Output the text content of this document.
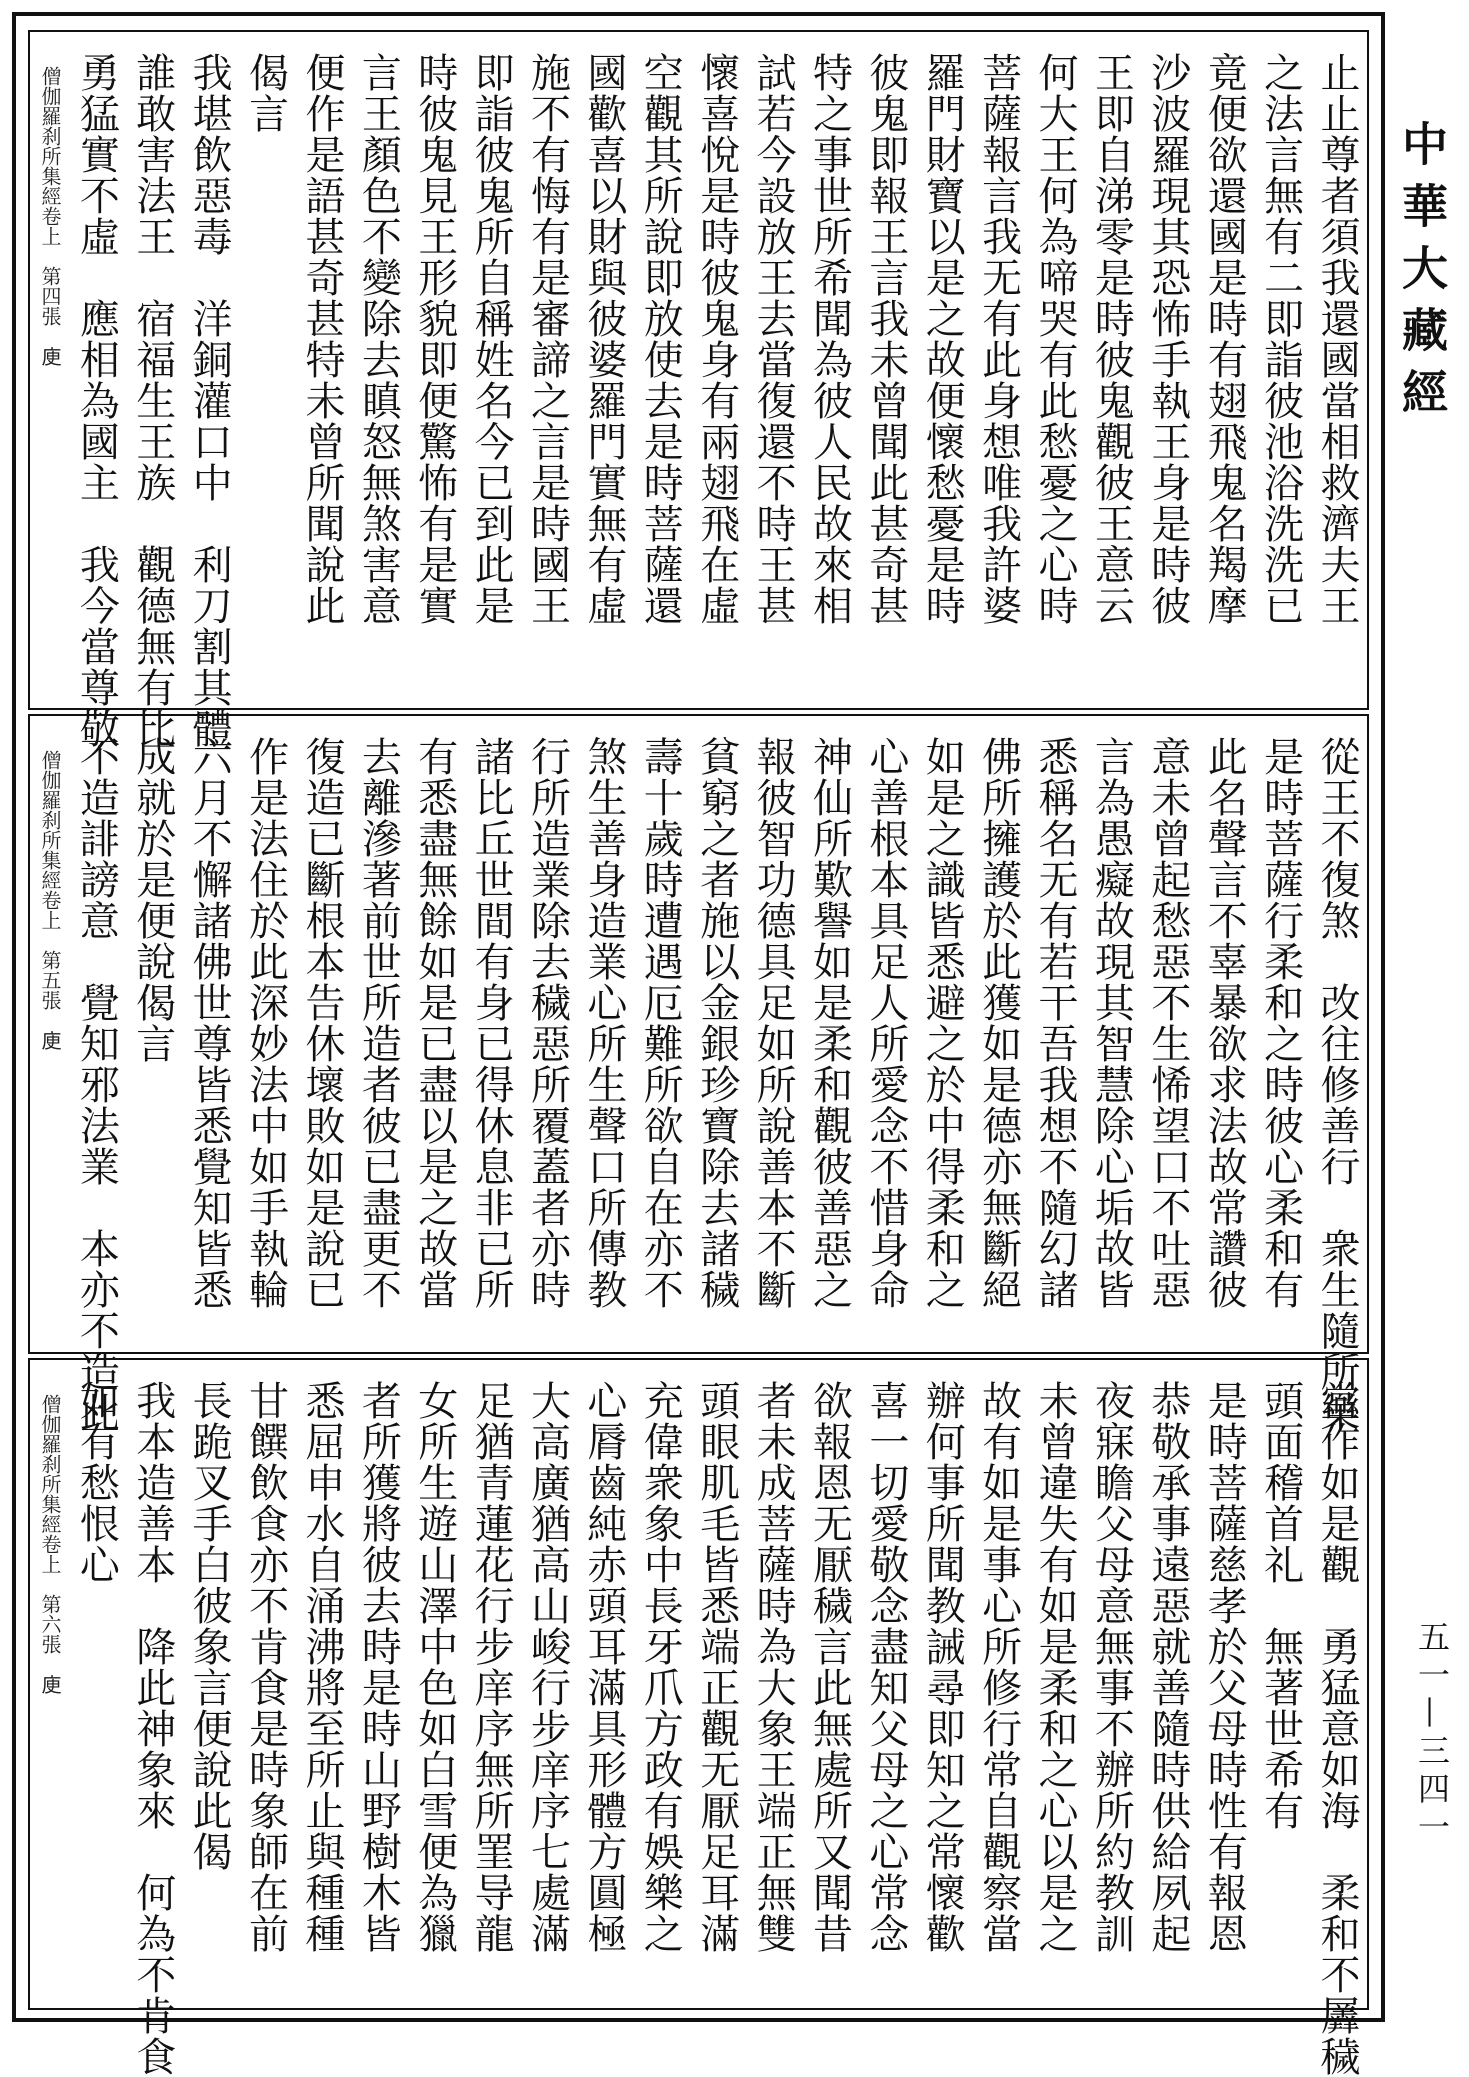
止止尊者須我還國當相救濟夫王
之法言無有二即詣彼池浴洗洗已
竟便欲還國是時有翅飛鬼名羯摩
沙波羅現其恐怖手執王身是時彼
王即自涕零是時彼鬼觀彼王意云
何大王何為啼哭有此愁憂之心時
菩薩報言我无有此身想唯我許婆
羅門財寶以是之故便懷愁憂是時
彼鬼即報王言我未曾聞此甚奇甚
特之事世所希聞為彼人民故來相
試若今設放王去當復還不時王甚
懷喜悅是時彼鬼身有兩翅飛在虛
空觀其所說即放使去是時菩薩還
國歡喜以財與彼婆羅門實無有虛
施不有悔有是審諦之言是時國王
即詣彼鬼所自稱姓名今已到此是
時彼鬼見王形貌即便驚怖有是實
言王顏色不變除去瞋怒無煞害意
便作是語甚奇甚特未曾所聞說此
偈言
我堪飲惡毒　洋銅灌口中　利刀割其體
誰敢害法王　宿福生王族　觀德無有比
勇猛實不虛　應相為國主　我今當尊敬
僧伽羅刹所集經卷上　第四張　𢈔
從王不復煞　改往修善行　衆生隨所樂
是時菩薩行柔和之時彼心柔和有
此名聲言不辜暴欲求法故常讚彼
意未曾起愁惡不生悕望口不吐惡
言為愚癡故現其智慧除心垢故皆
悉稱名无有若干吾我想不隨幻諸
佛所擁護於此獲如是德亦無斷絕
如是之識皆悉避之於中得柔和之
心善根本具足人所愛念不惜身命
神仙所歎譽如是柔和觀彼善惡之
報彼智功德具足如所說善本不斷
貧窮之者施以金銀珍寶除去諸穢
壽十歲時遭遇厄難所欲自在亦不
煞生善身造業心所生聲口所傳教
行所造業除去穢惡所覆蓋者亦時
諸比丘世間有身已得休息非已所
有悉盡無餘如是已盡以是之故當
去離滲著前世所造者彼已盡更不
復造已斷根本告休壞敗如是說已
作是法住於此深妙法中如手執輪
六月不懈諸佛世尊皆悉覺知皆悉
成就於是便說偈言
不造誹謗意　覺知邪法業　本亦不造此
僧伽羅刹所集經卷上　第五張　𢈔
當作如是觀　勇猛意如海　柔和不羼穢
頭面稽首礼　無著世希有
是時菩薩慈孝於父母時性有報恩
恭敬承事遠惡就善隨時供給夙起
夜寐瞻父母意無事不辦所約教訓
未曾違失有如是柔和之心以是之
故有如是事心所修行常自觀察當
辦何事所聞教誡尋即知之常懷歡
喜一切愛敬念盡知父母之心常念
欲報恩无厭穢言此無處所又聞昔
者未成菩薩時為大象王端正無雙
頭眼肌毛皆悉端正觀无厭足耳滿
充偉衆象中長牙爪方政有娛樂之
心脣齒純赤頭耳滿具形體方圓極
大高廣猶高山峻行步庠序七處滿
足猶青蓮花行步庠序無所罣导龍
女所生遊山澤中色如白雪便為獵
者所獲將彼去時是時山野樹木皆
悉屈申水自涌沸將至所止與種種
甘饌飲食亦不肯食是時象師在前
長跪叉手白彼象言便說此偈
我本造善本　降此神象來　何為不肯食
如有愁恨心
僧伽羅刹所集經卷上　第六張　𢈔
中華大藏經
五一—三四一
